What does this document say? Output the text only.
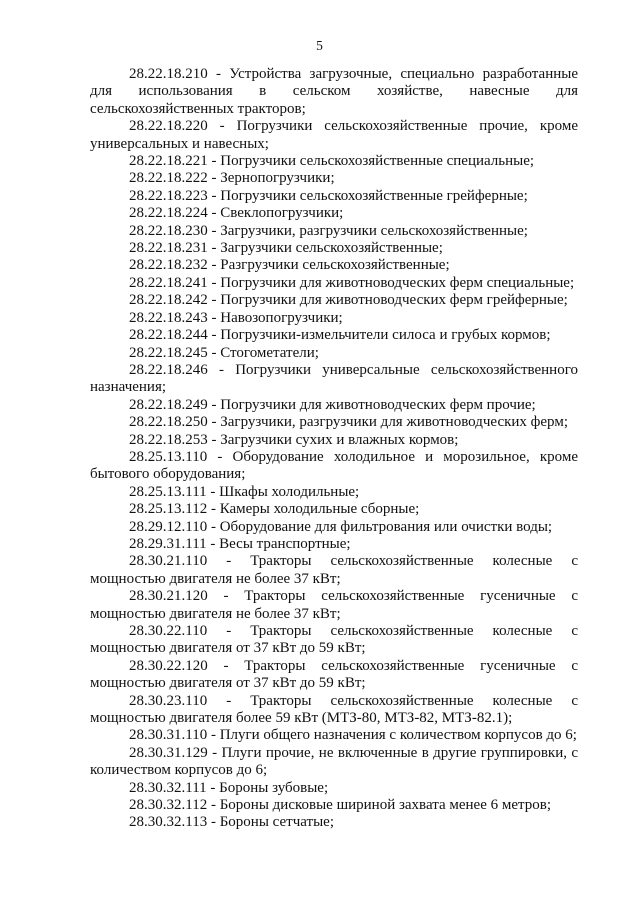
5

28.22.18.210 - Устройства загрузочные, специально разработанные для использования в сельском хозяйстве, навесные для сельскохозяйственных тракторов;

28.22.18.220 - Погрузчики сельскохозяйственные прочие, кроме универсальных и навесных;

28.22.18.221 - Погрузчики сельскохозяйственные специальные;

28.22.18.222 - Зернопогрузчики;

28.22.18.223 - Погрузчики сельскохозяйственные грейферные;

28.22.18.224 - Свеклопогрузчики;

28.22.18.230 - Загрузчики, разгрузчики сельскохозяйственные;

28.22.18.231 - Загрузчики сельскохозяйственные;

28.22.18.232 - Разгрузчики сельскохозяйственные;

28.22.18.241 - Погрузчики для животноводческих ферм специальные;

28.22.18.242 - Погрузчики для животноводческих ферм грейферные;

28.22.18.243 - Навозопогрузчики;

28.22.18.244 - Погрузчики-измельчители силоса и грубых кормов;

28.22.18.245 - Стогометатели;

28.22.18.246 - Погрузчики универсальные сельскохозяйственного назначения;

28.22.18.249 - Погрузчики для животноводческих ферм прочие;

28.22.18.250 - Загрузчики, разгрузчики для животноводческих ферм;

28.22.18.253 - Загрузчики сухих и влажных кормов;

28.25.13.110 - Оборудование холодильное и морозильное, кроме бытового оборудования;

28.25.13.111 - Шкафы холодильные;

28.25.13.112 - Камеры холодильные сборные;

28.29.12.110 - Оборудование для фильтрования или очистки воды;

28.29.31.111 - Весы транспортные;

28.30.21.110 - Тракторы сельскохозяйственные колесные с мощностью двигателя не более 37 кВт;

28.30.21.120 - Тракторы сельскохозяйственные гусеничные с мощностью двигателя не более 37 кВт;

28.30.22.110 - Тракторы сельскохозяйственные колесные с мощностью двигателя от 37 кВт до 59 кВт;

28.30.22.120 - Тракторы сельскохозяйственные гусеничные с мощностью двигателя от 37 кВт до 59 кВт;

28.30.23.110 - Тракторы сельскохозяйственные колесные с мощностью двигателя более 59 кВт (МТЗ-80, МТЗ-82, МТЗ-82.1);

28.30.31.110 - Плуги общего назначения с количеством корпусов до 6;

28.30.31.129 - Плуги прочие, не включенные в другие группировки, с количеством корпусов до 6;

28.30.32.111 - Бороны зубовые;

28.30.32.112 - Бороны дисковые шириной захвата менее 6 метров;

28.30.32.113 - Бороны сетчатые;
